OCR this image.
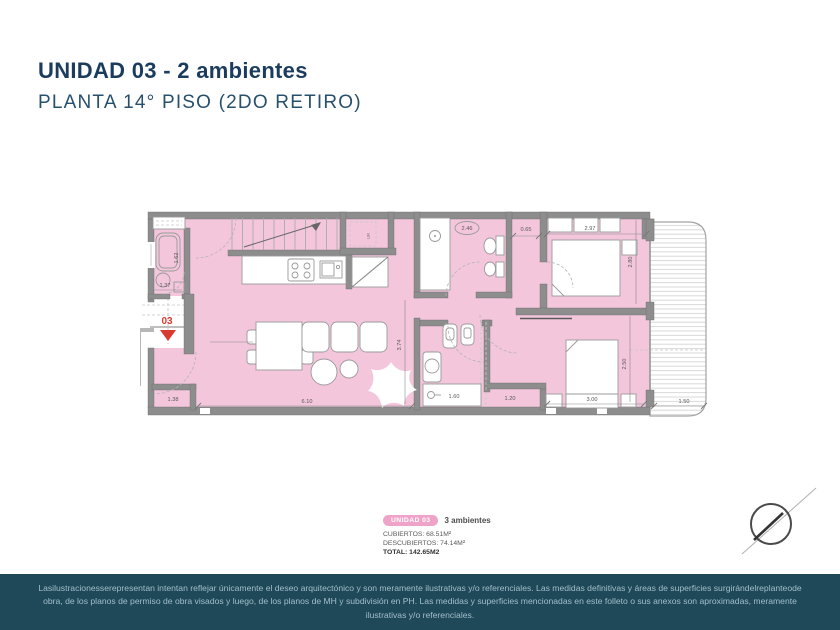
UNIDAD 03 - 2 ambientes
PLANTA 14° PISO (2DO RETIRO)
03
UR
2.46	0.65	2.97
2.80
6.10
3.74
1.38	1.60	1.20	3.00
2.50
1.37
1.62
1.50
UNIDAD 03	3 ambientes
CUBIERTOS: 68.51M²
DESCUBIERTOS: 74.14M²
TOTAL: 142.65M2

Lasilustracionesserepresentan intentan reflejar únicamente el deseo arquitectónico y son meramente ilustrativas y/o referenciales. Las medidas definitivas y áreas de superficies surgirándelreplanteode obra, de los planos de permiso de obra visados y luego, de los planos de MH y subdivisión en PH. Las medidas y superficies mencionadas en este folleto o sus anexos son aproximadas, meramente ilustrativas y/o referenciales.
